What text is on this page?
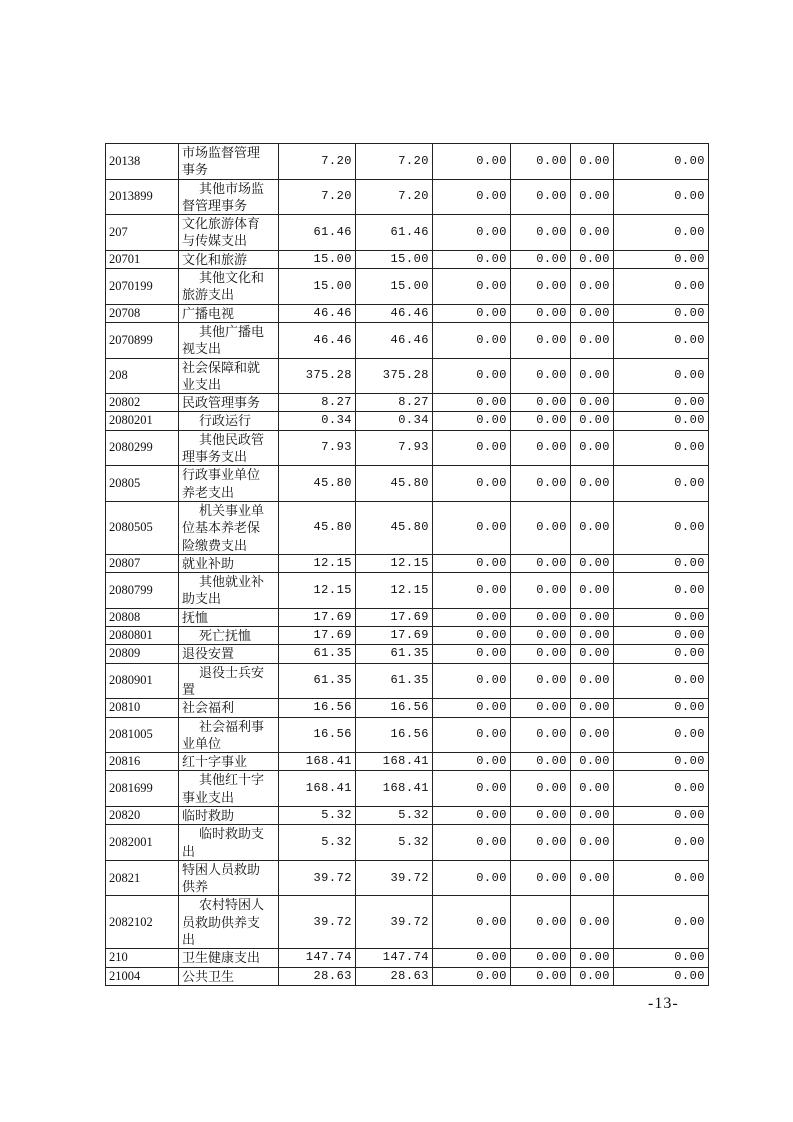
20138	市场监督管理事务	7.20	7.20	0.00	0.00	0.00	0.00
2013899	其他市场监督管理事务	7.20	7.20	0.00	0.00	0.00	0.00
207	文化旅游体育与传媒支出	61.46	61.46	0.00	0.00	0.00	0.00
20701	文化和旅游	15.00	15.00	0.00	0.00	0.00	0.00
2070199	其他文化和旅游支出	15.00	15.00	0.00	0.00	0.00	0.00
20708	广播电视	46.46	46.46	0.00	0.00	0.00	0.00
2070899	其他广播电视支出	46.46	46.46	0.00	0.00	0.00	0.00
208	社会保障和就业支出	375.28	375.28	0.00	0.00	0.00	0.00
20802	民政管理事务	8.27	8.27	0.00	0.00	0.00	0.00
2080201	行政运行	0.34	0.34	0.00	0.00	0.00	0.00
2080299	其他民政管理事务支出	7.93	7.93	0.00	0.00	0.00	0.00
20805	行政事业单位养老支出	45.80	45.80	0.00	0.00	0.00	0.00
2080505	机关事业单位基本养老保险缴费支出	45.80	45.80	0.00	0.00	0.00	0.00
20807	就业补助	12.15	12.15	0.00	0.00	0.00	0.00
2080799	其他就业补助支出	12.15	12.15	0.00	0.00	0.00	0.00
20808	抚恤	17.69	17.69	0.00	0.00	0.00	0.00
2080801	死亡抚恤	17.69	17.69	0.00	0.00	0.00	0.00
20809	退役安置	61.35	61.35	0.00	0.00	0.00	0.00
2080901	退役士兵安置	61.35	61.35	0.00	0.00	0.00	0.00
20810	社会福利	16.56	16.56	0.00	0.00	0.00	0.00
2081005	社会福利事业单位	16.56	16.56	0.00	0.00	0.00	0.00
20816	红十字事业	168.41	168.41	0.00	0.00	0.00	0.00
2081699	其他红十字事业支出	168.41	168.41	0.00	0.00	0.00	0.00
20820	临时救助	5.32	5.32	0.00	0.00	0.00	0.00
2082001	临时救助支出	5.32	5.32	0.00	0.00	0.00	0.00
20821	特困人员救助供养	39.72	39.72	0.00	0.00	0.00	0.00
2082102	农村特困人员救助供养支出	39.72	39.72	0.00	0.00	0.00	0.00
210	卫生健康支出	147.74	147.74	0.00	0.00	0.00	0.00
21004	公共卫生	28.63	28.63	0.00	0.00	0.00	0.00
-13-
